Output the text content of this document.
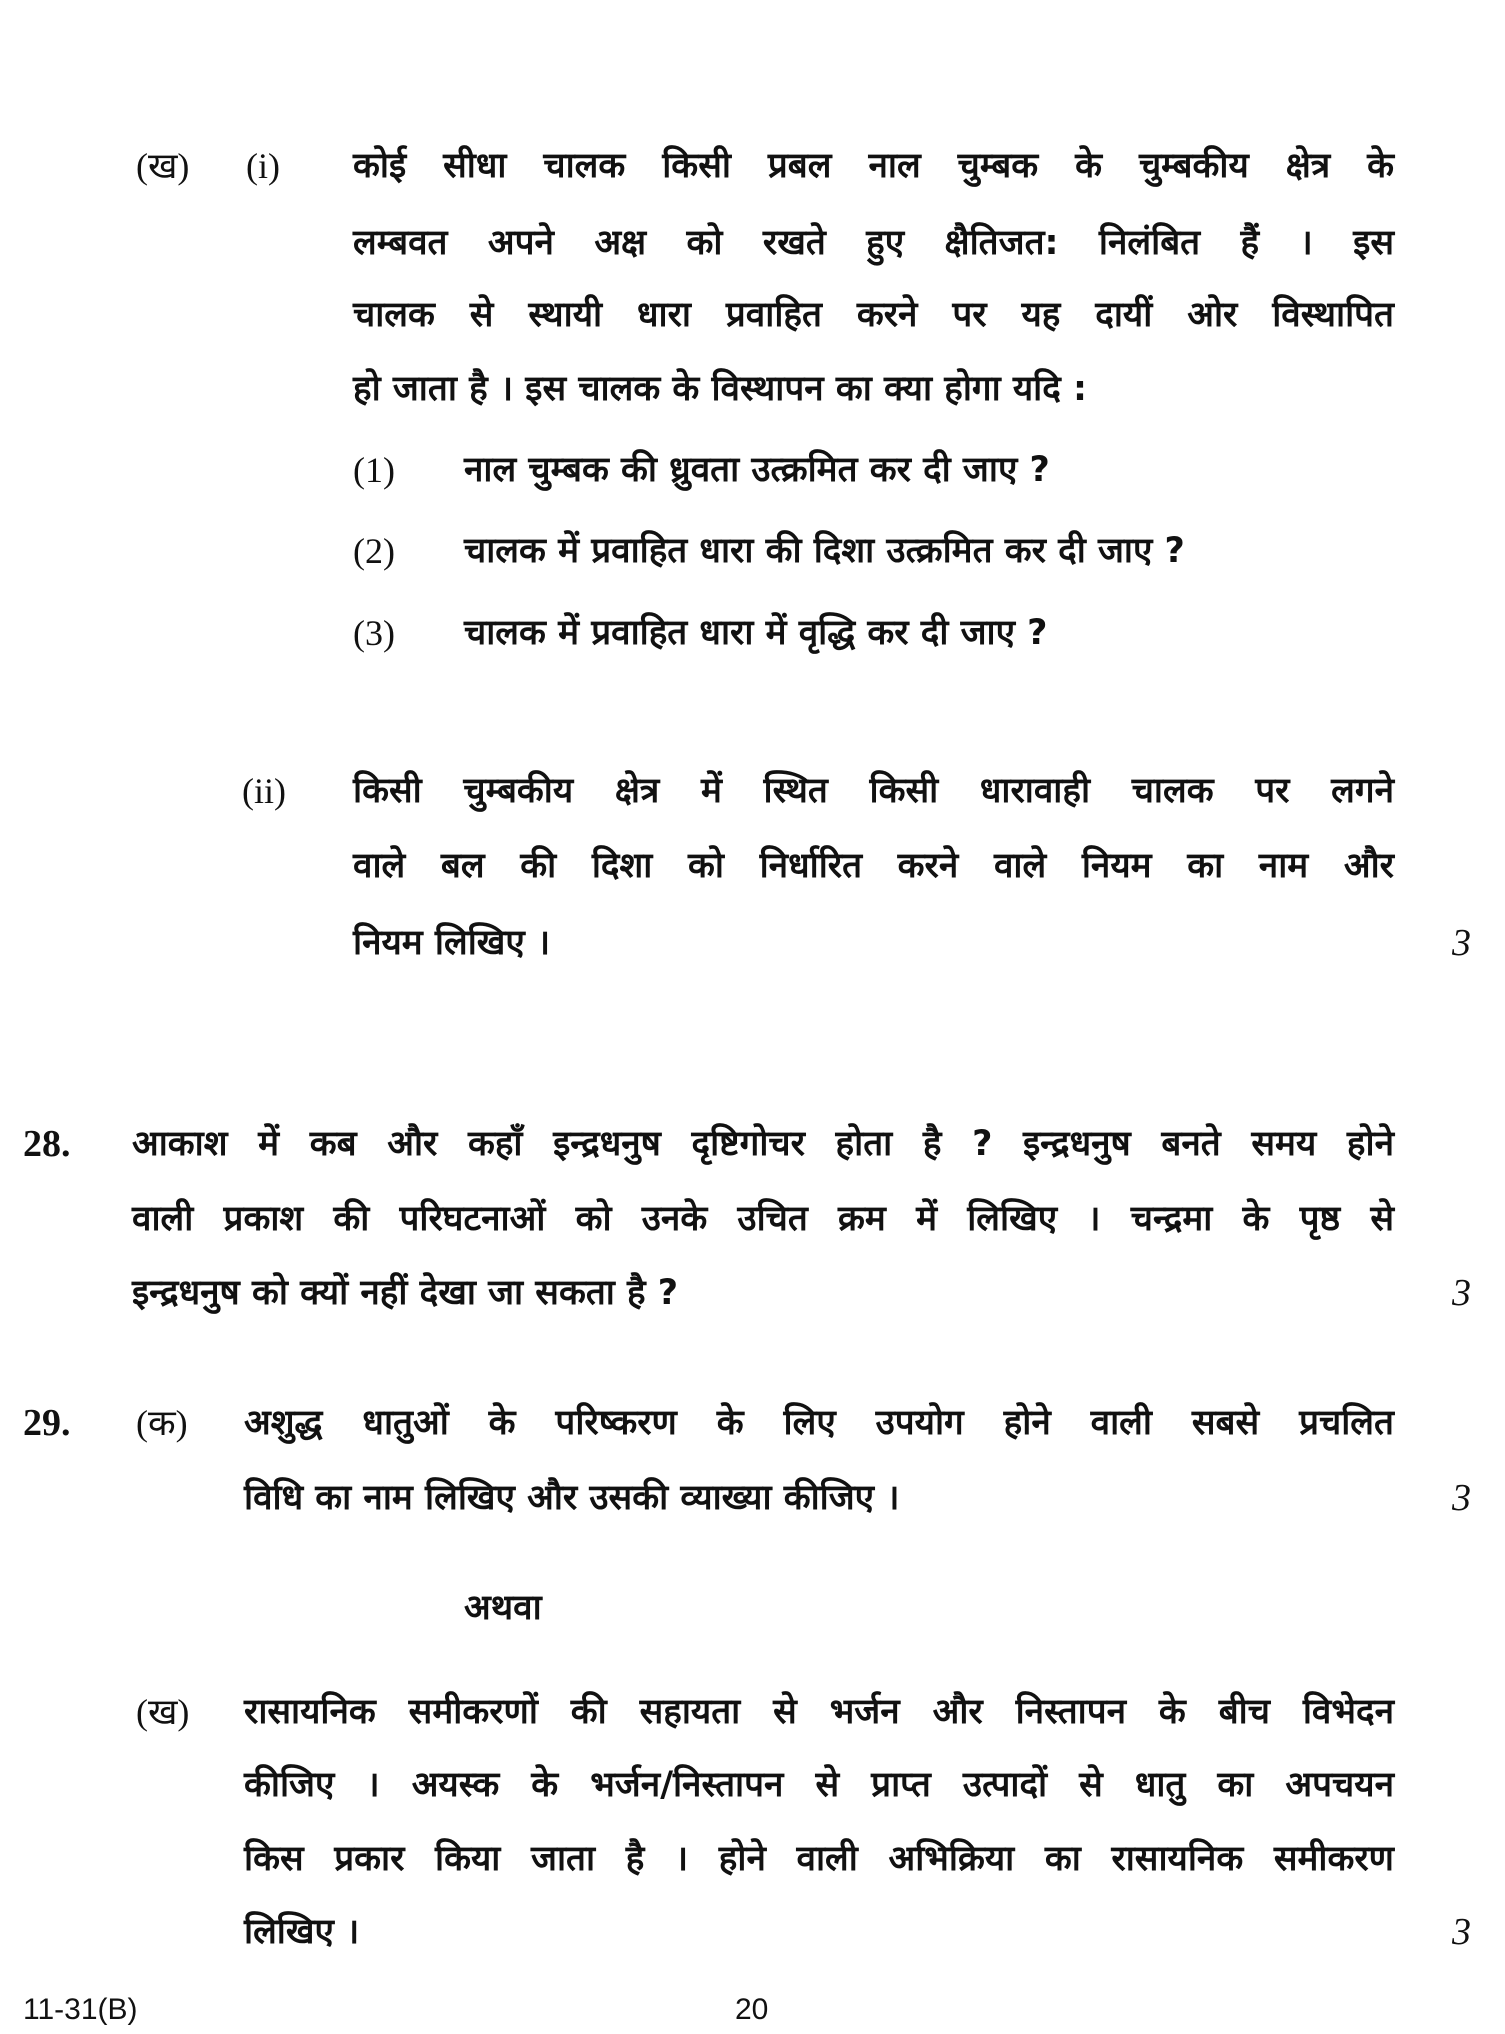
(ख) (i) कोई सीधा चालक किसी प्रबल नाल चुम्बक के चुम्बकीय क्षेत्र के
लम्बवत अपने अक्ष को रखते हुए क्षैतिजत: निलंबित हैं । इस
चालक से स्थायी धारा प्रवाहित करने पर यह दायीं ओर विस्थापित
हो जाता है । इस चालक के विस्थापन का क्या होगा यदि :
(1) नाल चुम्बक की ध्रुवता उत्क्रमित कर दी जाए ?
(2) चालक में प्रवाहित धारा की दिशा उत्क्रमित कर दी जाए ?
(3) चालक में प्रवाहित धारा में वृद्धि कर दी जाए ?
(ii) किसी चुम्बकीय क्षेत्र में स्थित किसी धारावाही चालक पर लगने
वाले बल की दिशा को निर्धारित करने वाले नियम का नाम और
नियम लिखिए ।	3
28. आकाश में कब और कहाँ इन्द्रधनुष दृष्टिगोचर होता है ? इन्द्रधनुष बनते समय होने
वाली प्रकाश की परिघटनाओं को उनके उचित क्रम में लिखिए । चन्द्रमा के पृष्ठ से
इन्द्रधनुष को क्यों नहीं देखा जा सकता है ?	3
29. (क) अशुद्ध धातुओं के परिष्करण के लिए उपयोग होने वाली सबसे प्रचलित
विधि का नाम लिखिए और उसकी व्याख्या कीजिए ।	3
अथवा
(ख) रासायनिक समीकरणों की सहायता से भर्जन और निस्तापन के बीच विभेदन
कीजिए । अयस्क के भर्जन/निस्तापन से प्राप्त उत्पादों से धातु का अपचयन
किस प्रकार किया जाता है । होने वाली अभिक्रिया का रासायनिक समीकरण
लिखिए ।	3
11-31(B)	20
